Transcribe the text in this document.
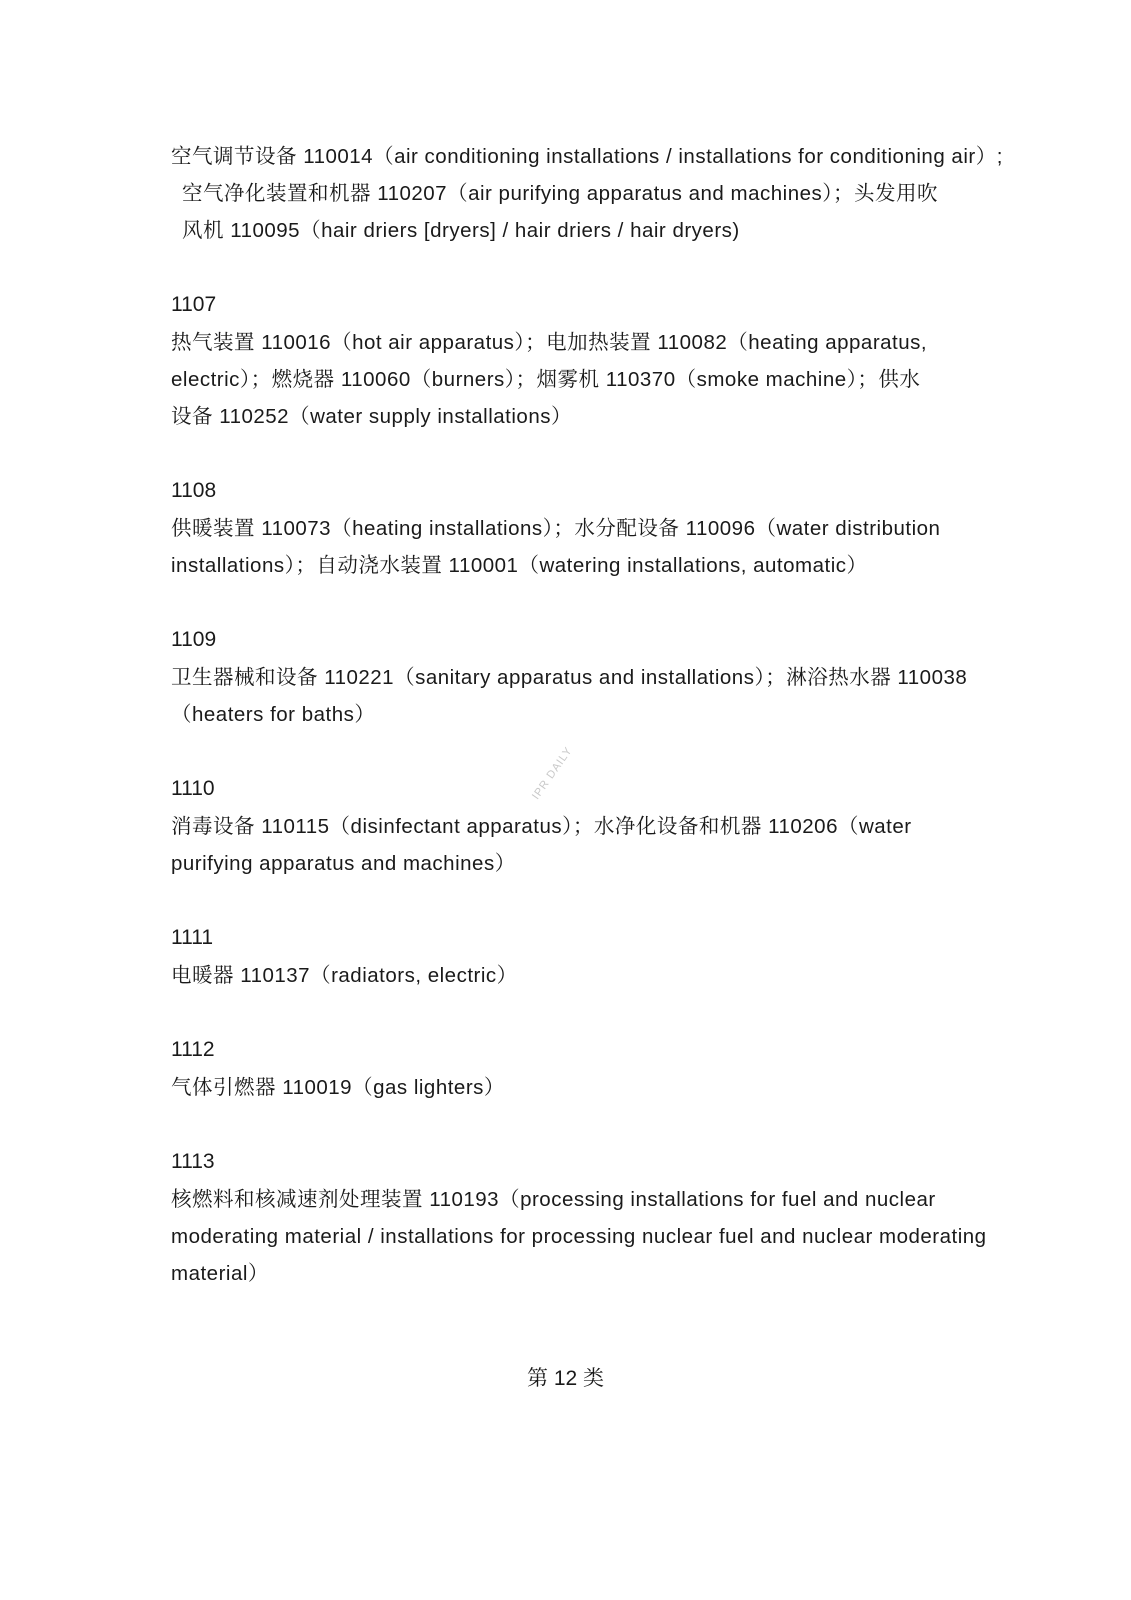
空气调节设备 110014（air conditioning installations / installations for conditioning air）;
空气净化装置和机器 110207（air purifying apparatus and machines）；头发用吹
风机 110095（hair driers [dryers] / hair driers / hair dryers)
1107
热气装置 110016（hot air apparatus）；电加热装置 110082（heating apparatus,
electric）；燃烧器 110060（burners）；烟雾机 110370（smoke machine）；供水
设备 110252（water supply installations）
1108
供暖装置 110073（heating installations）；水分配设备 110096（water distribution
installations）；自动浇水装置 110001（watering installations, automatic）
1109
卫生器械和设备 110221（sanitary apparatus and installations）；淋浴热水器 110038
（heaters for baths）
1110
消毒设备 110115（disinfectant apparatus）；水净化设备和机器 110206（water
purifying apparatus and machines）
1111
电暖器 110137（radiators, electric）
1112
气体引燃器 110019（gas lighters）
1113
核燃料和核减速剂处理装置 110193（processing installations for fuel and nuclear
moderating material / installations for processing nuclear fuel and nuclear moderating
material）
第 12 类
IPR DAILY
